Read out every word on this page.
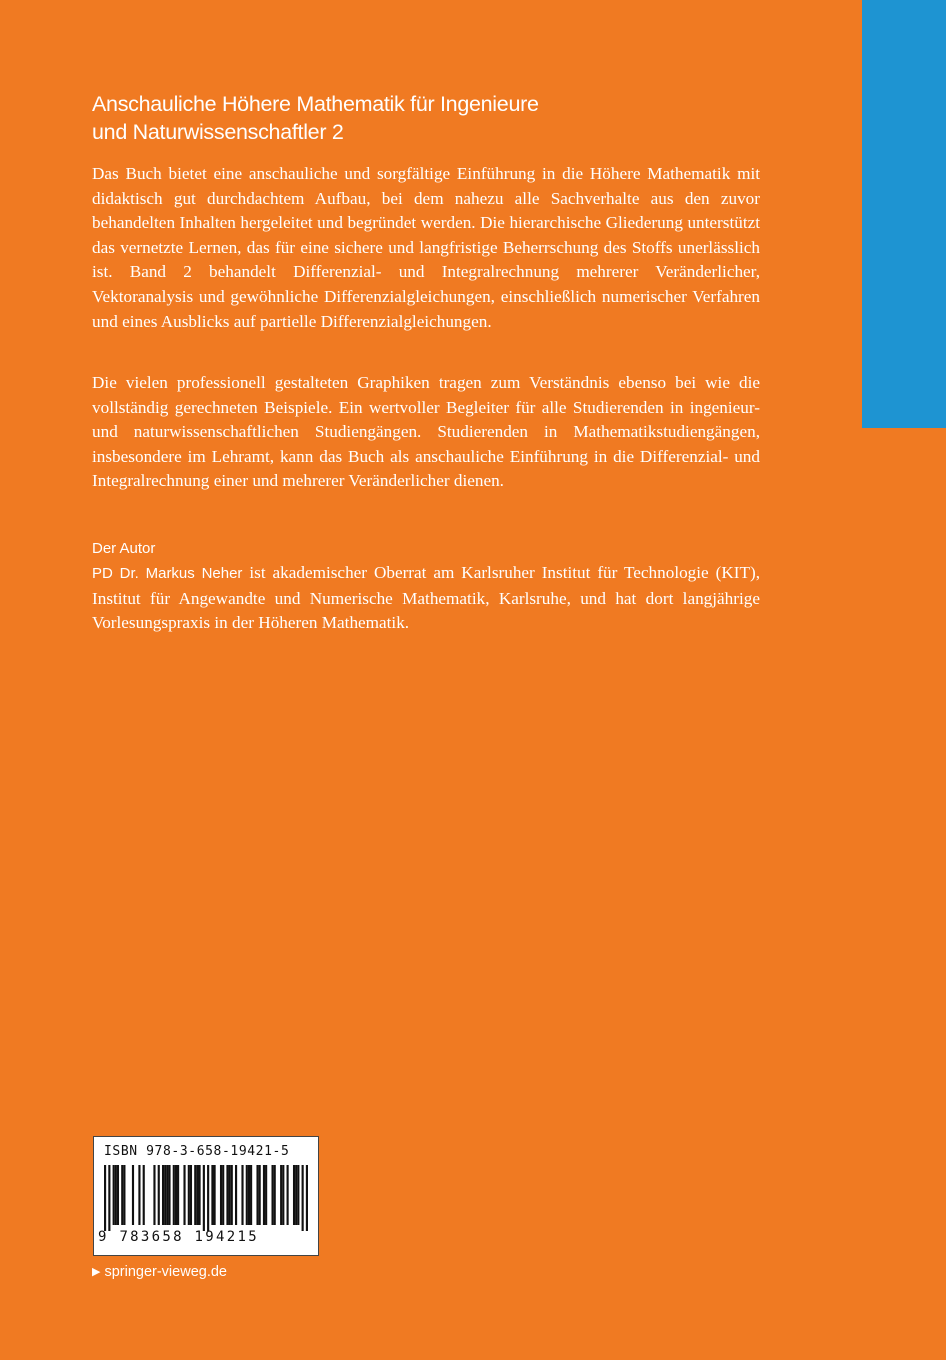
Anschauliche Höhere Mathematik für Ingenieure
und Naturwissenschaftler 2

Das Buch bietet eine anschauliche und sorgfältige Einführung in die Höhere Mathematik mit didaktisch gut durchdachtem Aufbau, bei dem nahezu alle Sachverhalte aus den zuvor behandelten Inhalten hergeleitet und begründet werden. Die hierarchische Gliederung unterstützt das vernetzte Lernen, das für eine sichere und langfristige Beherrschung des Stoffs unerlässlich ist. Band 2 behandelt Differenzial- und Integralrechnung mehrerer Veränderlicher, Vektoranalysis und gewöhnliche Differenzialgleichungen, einschließlich numerischer Verfahren und eines Ausblicks auf partielle Differenzialgleichungen.

Die vielen professionell gestalteten Graphiken tragen zum Verständnis ebenso bei wie die vollständig gerechneten Beispiele. Ein wertvoller Begleiter für alle Studierenden in ingenieur- und naturwissenschaftlichen Studiengängen. Studierenden in Mathematikstudiengängen, insbesondere im Lehramt, kann das Buch als anschauliche Einführung in die Differenzial- und Integralrechnung einer und mehrerer Veränderlicher dienen.

Der Autor
PD Dr. Markus Neher ist akademischer Oberrat am Karlsruher Institut für Technologie (KIT), Institut für Angewandte und Numerische Mathematik, Karlsruhe, und hat dort langjährige Vorlesungspraxis in der Höheren Mathematik.
ISBN 978-3-658-19421-5
9 783658 194215
▶ springer-vieweg.de
